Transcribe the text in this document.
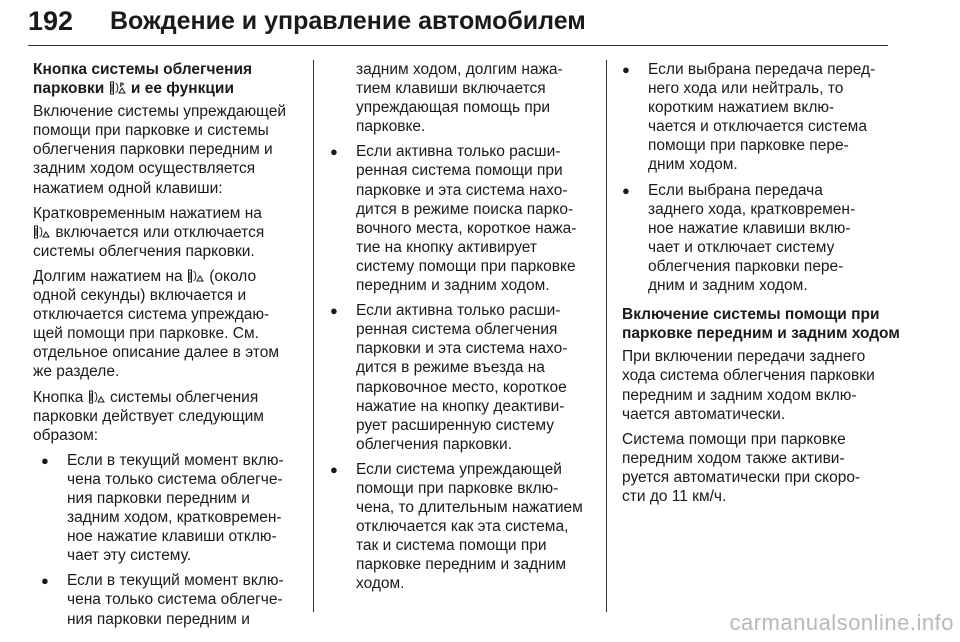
192 Вождение и управление автомобилем
Кнопка системы облегчения
парковки P и ее функции
Включение системы упреждающей
помощи при парковке и системы
облегчения парковки передним и
задним ходом осуществляется
нажатием одной клавиши:
Кратковременным нажатием на
включается или отключается
системы облегчения парковки.
Долгим нажатием на (около
одной секунды) включается и
отключается система упреждаю-
щей помощи при парковке. См.
отдельное описание далее в этом
же разделе.
Кнопка системы облегчения
парковки действует следующим
образом:
● Если в текущий момент вклю-
чена только система облегче-
ния парковки передним и
задним ходом, кратковремен-
ное нажатие клавиши отклю-
чает эту систему.
● Если в текущий момент вклю-
чена только система облегче-
ния парковки передним и
задним ходом, долгим нажа-
тием клавиши включается
упреждающая помощь при
парковке.
● Если активна только расши-
ренная система помощи при
парковке и эта система нахо-
дится в режиме поиска парко-
вочного места, короткое нажа-
тие на кнопку активирует
систему помощи при парковке
передним и задним ходом.
● Если активна только расши-
ренная система облегчения
парковки и эта система нахо-
дится в режиме въезда на
парковочное место, короткое
нажатие на кнопку деактиви-
рует расширенную систему
облегчения парковки.
● Если система упреждающей
помощи при парковке вклю-
чена, то длительным нажатием
отключается как эта система,
так и система помощи при
парковке передним и задним
ходом.
● Если выбрана передача перед-
него хода или нейтраль, то
коротким нажатием вклю-
чается и отключается система
помощи при парковке пере-
дним ходом.
● Если выбрана передача
заднего хода, кратковремен-
ное нажатие клавиши вклю-
чает и отключает систему
облегчения парковки пере-
дним и задним ходом.
Включение системы помощи при
парковке передним и задним ходом
При включении передачи заднего
хода система облегчения парковки
передним и задним ходом вклю-
чается автоматически.
Система помощи при парковке
передним ходом также активи-
руется автоматически при скоро-
сти до 11 км/ч.
carmanualsonline.info
